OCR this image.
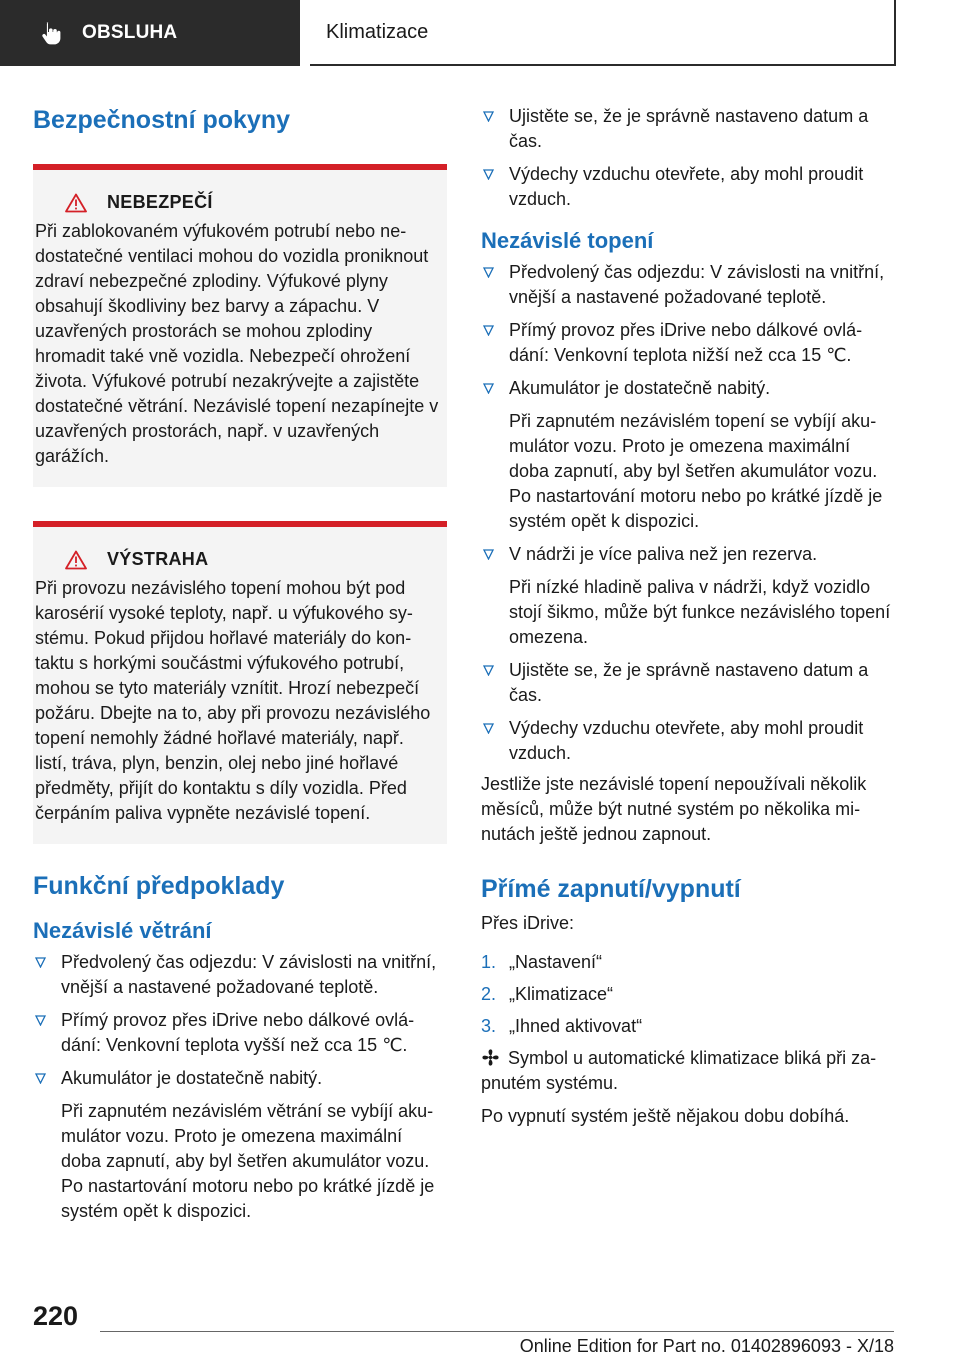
OBSLUHA	Klimatizace
Bezpečnostní pokyny
NEBEZPEČÍ
Při zablokovaném výfukovém potrubí nebo nedostatečné ventilaci mohou do vozidla proniknout zdraví nebezpečné zplodiny. Výfukové plyny obsahují škodliviny bez barvy a zápachu. V uzavřených prostorách se mohou zplodiny hromadit také vně vozidla. Nebezpečí ohrožení života. Výfukové potrubí nezakrývejte a zajistěte dostatečné větrání. Nezávislé topení nezapínejte v uzavřených prostorách, např. v uzavřených garážích.
VÝSTRAHA
Při provozu nezávislého topení mohou být pod karosérií vysoké teploty, např. u výfukového systému. Pokud přijdou hořlavé materiály do kontaktu s horkými součástmi výfukového potrubí, mohou se tyto materiály vznítit. Hrozí nebezpečí požáru. Dbejte na to, aby při provozu nezávislého topení nemohly žádné hořlavé materiály, např. listí, tráva, plyn, benzin, olej nebo jiné hořlavé předměty, přijít do kontaktu s díly vozidla. Před čerpáním paliva vypněte nezávislé topení.
Funkční předpoklady
Nezávislé větrání
Předvolený čas odjezdu: V závislosti na vnitřní, vnější a nastavené požadované teplotě.
Přímý provoz přes iDrive nebo dálkové ovládání: Venkovní teplota vyšší než cca 15 ℃.
Akumulátor je dostatečně nabitý.
Při zapnutém nezávislém větrání se vybíjí akumulátor vozu. Proto je omezena maximální doba zapnutí, aby byl šetřen akumulátor vozu. Po nastartování motoru nebo po krátké jízdě je systém opět k dispozici.
Ujistěte se, že je správně nastaveno datum a čas.
Výdechy vzduchu otevřete, aby mohl proudit vzduch.
Nezávislé topení
Předvolený čas odjezdu: V závislosti na vnitřní, vnější a nastavené požadované teplotě.
Přímý provoz přes iDrive nebo dálkové ovládání: Venkovní teplota nižší než cca 15 ℃.
Akumulátor je dostatečně nabitý.
Při zapnutém nezávislém topení se vybíjí akumulátor vozu. Proto je omezena maximální doba zapnutí, aby byl šetřen akumulátor vozu. Po nastartování motoru nebo po krátké jízdě je systém opět k dispozici.
V nádrži je více paliva než jen rezerva.
Při nízké hladině paliva v nádrži, když vozidlo stojí šikmo, může být funkce nezávislého topení omezena.
Ujistěte se, že je správně nastaveno datum a čas.
Výdechy vzduchu otevřete, aby mohl proudit vzduch.

Jestliže jste nezávislé topení nepoužívali několik měsíců, může být nutné systém po několika minutách ještě jednou zapnout.

Přímé zapnutí/vypnutí

Přes iDrive:

1. „Nastavení“
2. „Klimatizace“
3. „Ihned aktivovat“

Symbol u automatické klimatizace bliká při zapnutém systému.

Po vypnutí systém ještě nějakou dobu dobíhá.

220
Online Edition for Part no. 01402896093 - X/18
